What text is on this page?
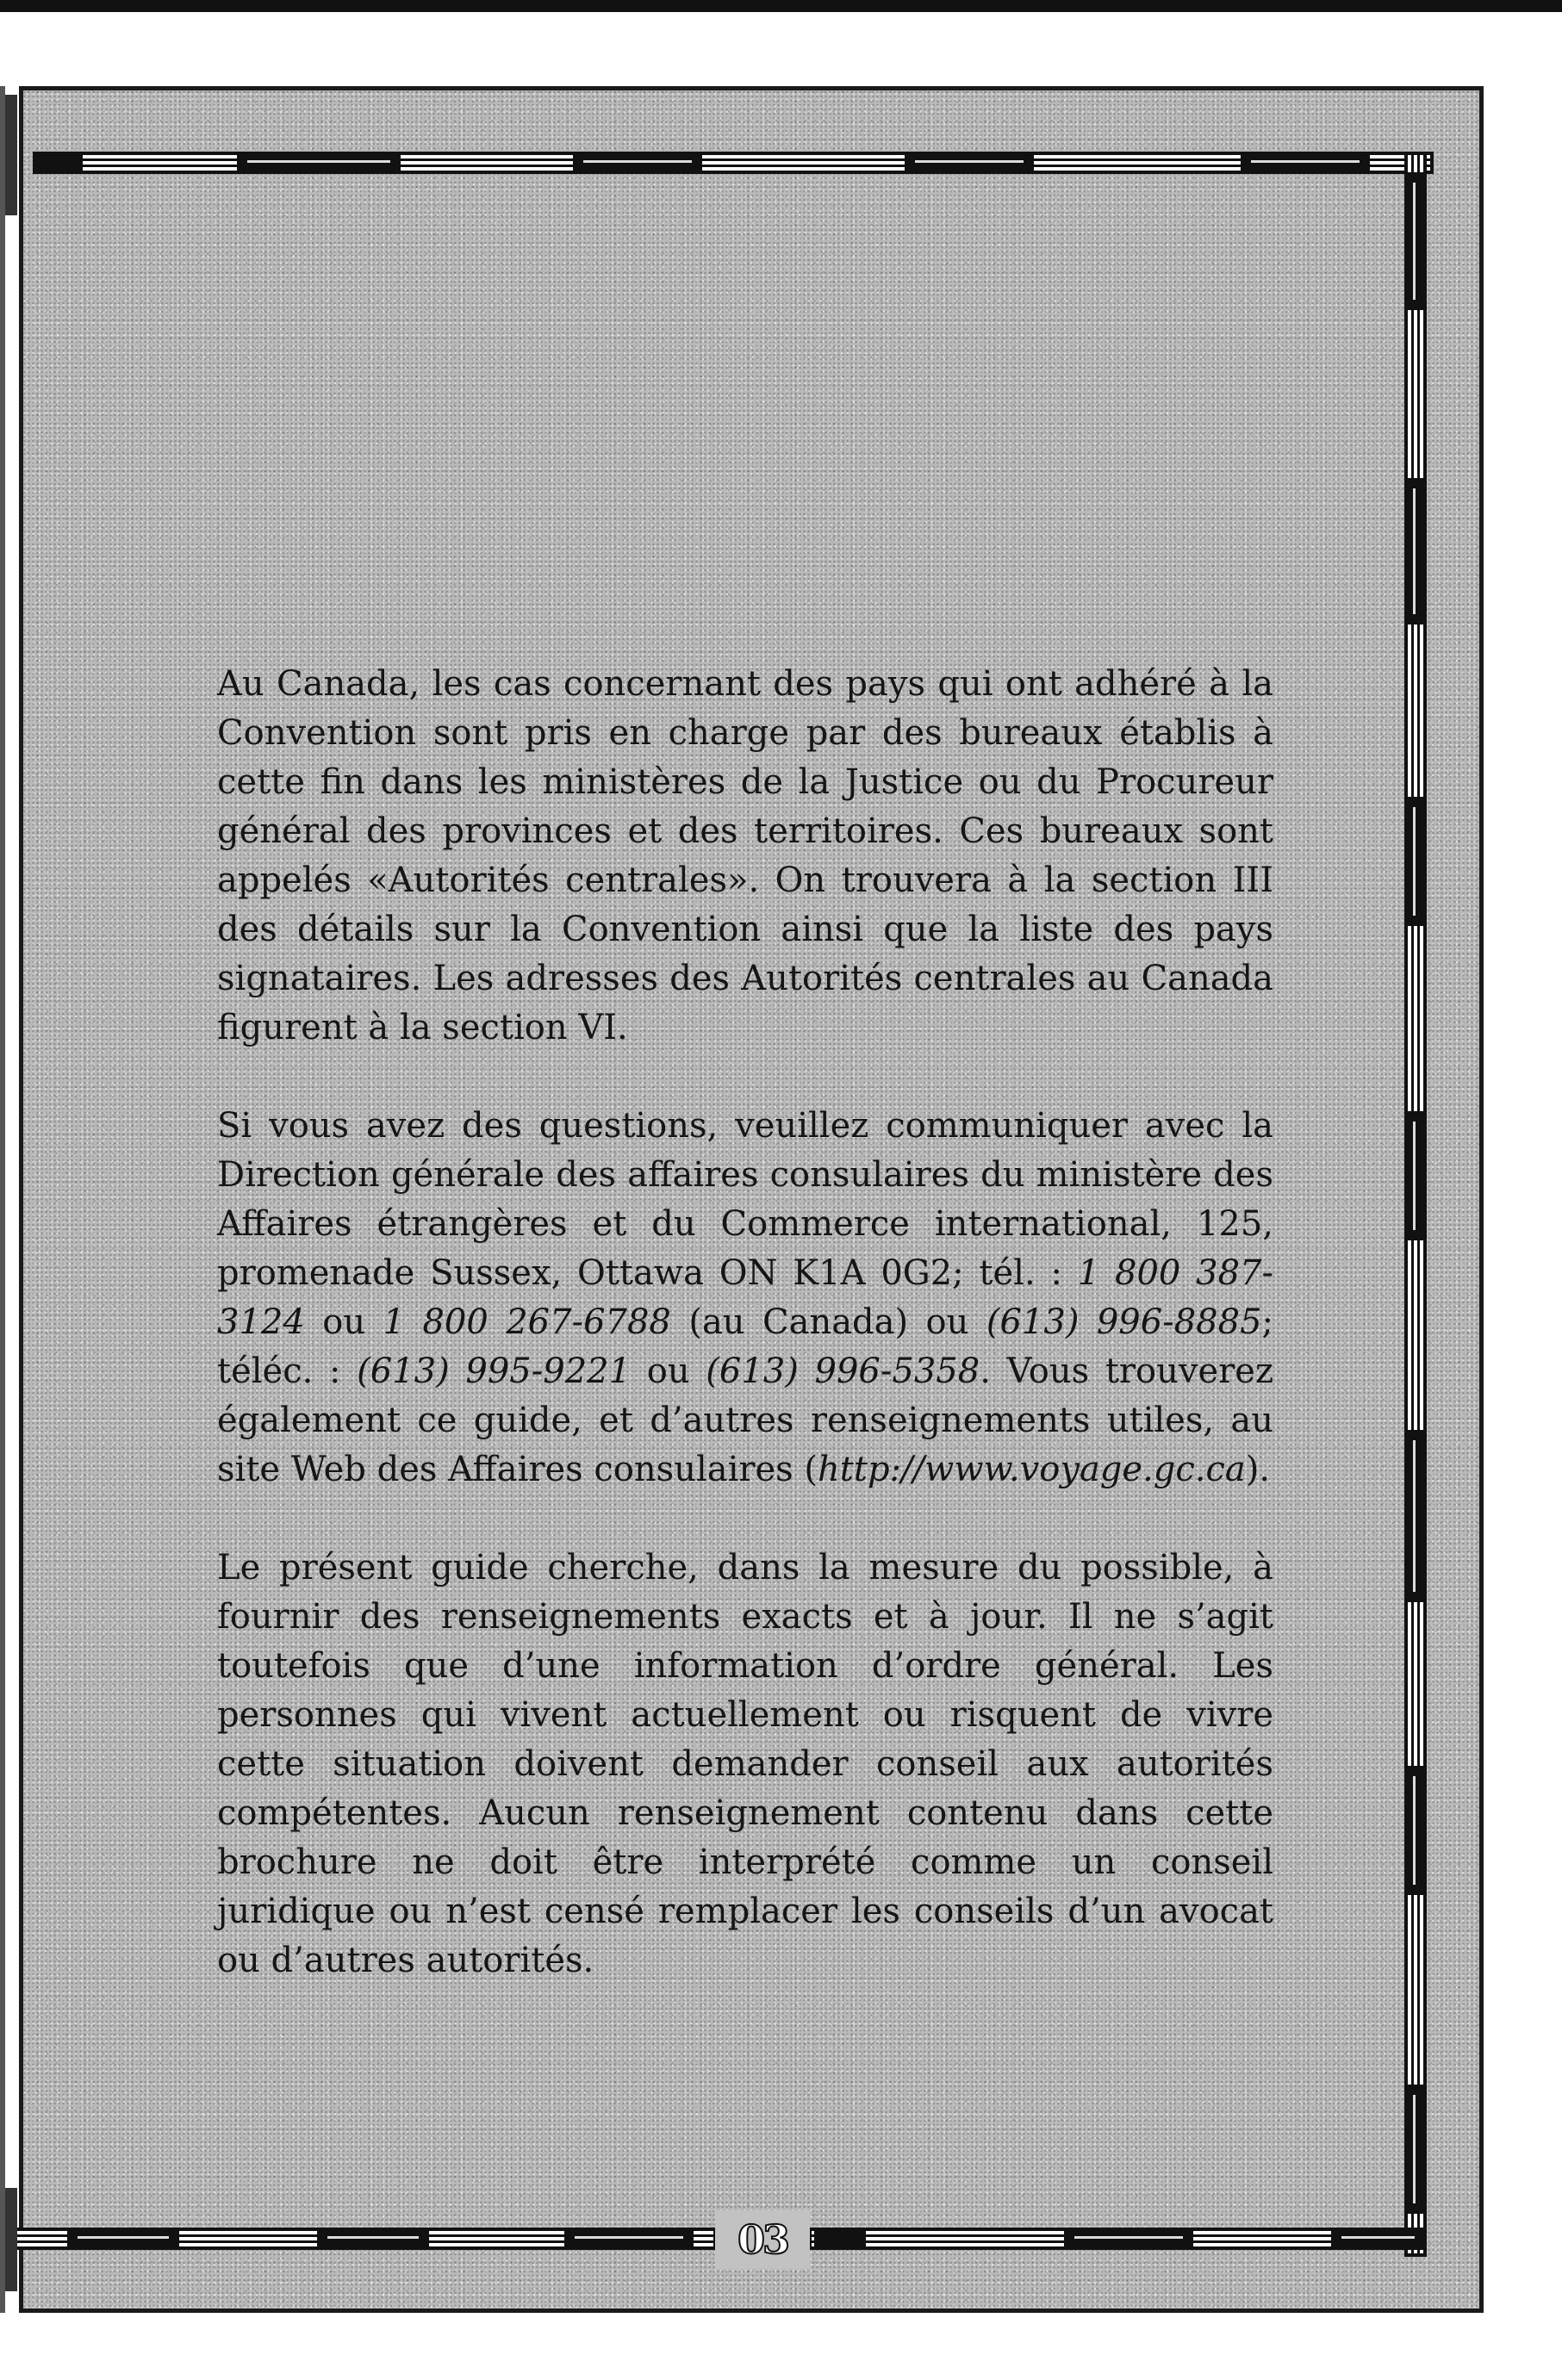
Au Canada, les cas concernant des pays qui ont adhéré à la Convention sont pris en charge par des bureaux établis à cette fin dans les ministères de la Justice ou du Procureur général des provinces et des territoires. Ces bureaux sont appelés «Autorités centrales». On trouvera à la section III des détails sur la Convention ainsi que la liste des pays signataires. Les adresses des Autorités centrales au Canada figurent à la section VI.

Si vous avez des questions, veuillez communiquer avec la Direction générale des affaires consulaires du ministère des Affaires étrangères et du Commerce international, 125, promenade Sussex, Ottawa ON K1A 0G2; tél. : 1 800 387-3124 ou 1 800 267-6788 (au Canada) ou (613) 996-8885; téléc. : (613) 995-9221 ou (613) 996-5358. Vous trouverez également ce guide, et d’autres renseignements utiles, au site Web des Affaires consulaires (http://www.voyage.gc.ca).

Le présent guide cherche, dans la mesure du possible, à fournir des renseignements exacts et à jour. Il ne s’agit toutefois que d’une information d’ordre général. Les personnes qui vivent actuellement ou risquent de vivre cette situation doivent demander conseil aux autorités compétentes. Aucun renseignement contenu dans cette brochure ne doit être interprété comme un conseil juridique ou n’est censé remplacer les conseils d’un avocat ou d’autres autorités.

03
